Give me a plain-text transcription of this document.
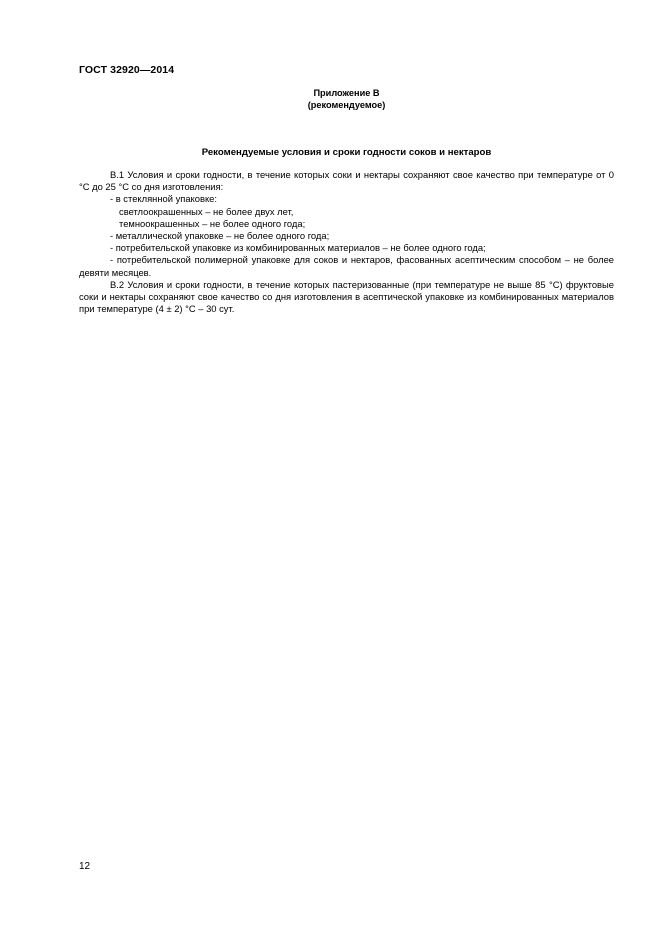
ГОСТ 32920—2014
Приложение В
(рекомендуемое)
Рекомендуемые условия и сроки годности соков и нектаров

В.1 Условия и сроки годности, в течение которых соки и нектары сохраняют свое качество при температуре от 0 °С до 25 °С со дня изготовления:

- в стеклянной упаковке:

светлоокрашенных – не более двух лет,

темноокрашенных – не более одного года;

- металлической упаковке – не более одного года;

- потребительской упаковке из комбинированных материалов – не более одного года;

- потребительской полимерной упаковке для соков и нектаров, фасованных асептическим способом – не более девяти месяцев.

В.2 Условия и сроки годности, в течение которых пастеризованные (при температуре не выше 85 °С) фруктовые соки и нектары сохраняют свое качество со дня изготовления в асептической упаковке из комбинированных материалов при температуре (4 ± 2) °С – 30 сут.

12
